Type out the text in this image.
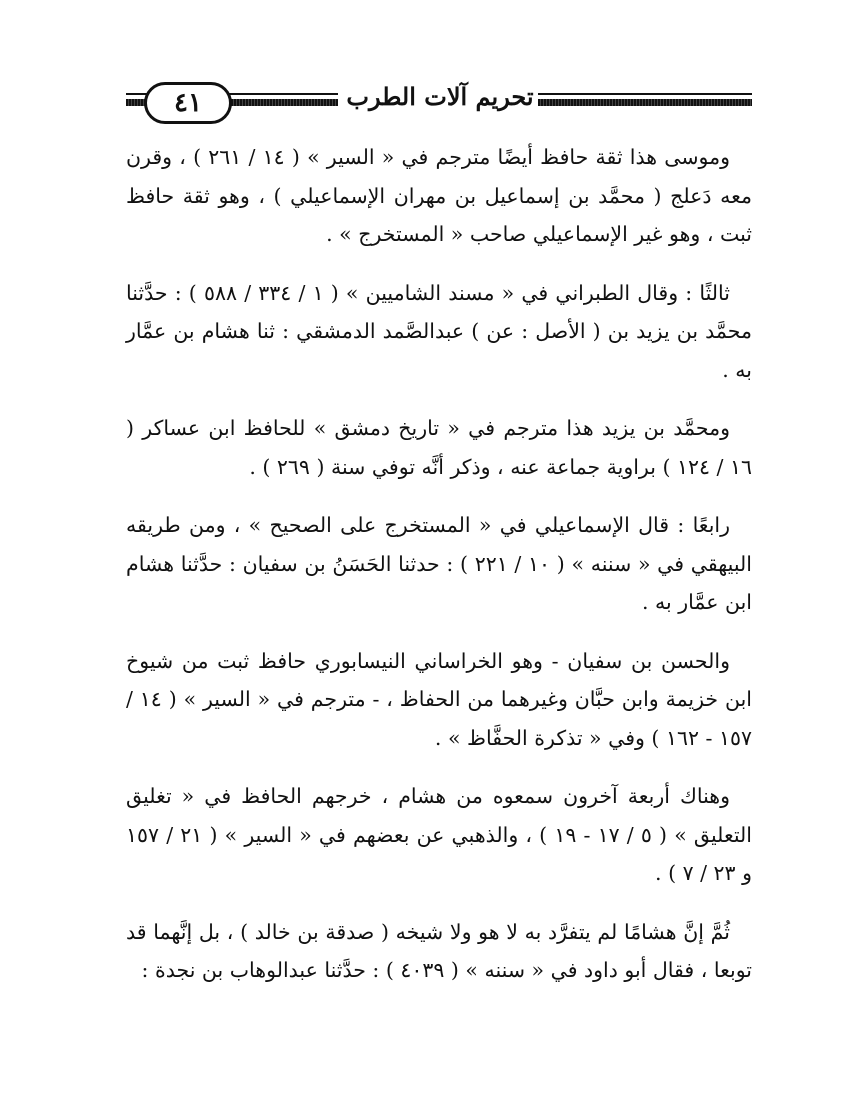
تحريم آلات الطرب
٤١

وموسى هذا ثقة حافظ أيضًا مترجم في « السير » ( ١٤ / ٢٦١ ) ، وقرن معه دَعلج ( محمَّد بن إسماعيل بن مهران الإسماعيلي ) ، وهو ثقة حافظ ثبت ، وهو غير الإسماعيلي صاحب « المستخرج » .

ثالثًا : وقال الطبراني في « مسند الشاميين » ( ١ / ٣٣٤ / ٥٨٨ ) : حدَّثنا محمَّد بن يزيد بن ( الأصل : عن ) عبدالصَّمد الدمشقي : ثنا هشام بن عمَّار به .

ومحمَّد بن يزيد هذا مترجم في « تاريخ دمشق » للحافظ ابن عساكر ( ١٦ / ١٢٤ ) براوية جماعة عنه ، وذكر أنَّه توفي سنة ( ٢٦٩ ) .

رابعًا : قال الإسماعيلي في « المستخرج على الصحيح » ، ومن طريقه البيهقي في « سننه » ( ١٠ / ٢٢١ ) : حدثنا الحَسَنُ بن سفيان : حدَّثنا هشام ابن عمَّار به .

والحسن بن سفيان - وهو الخراساني النيسابوري حافظ ثبت من شيوخ ابن خزيمة وابن حبَّان وغيرهما من الحفاظ ، - مترجم في « السير » ( ١٤ / ١٥٧ - ١٦٢ ) وفي « تذكرة الحفَّاظ » .

وهناك أربعة آخرون سمعوه من هشام ، خرجهم الحافظ في « تغليق التعليق » ( ٥ / ١٧ - ١٩ ) ، والذهبي عن بعضهم في « السير » ( ٢١ / ١٥٧ و ٢٣ / ٧ ) .

ثُمَّ إنَّ هشامًا لم يتفرَّد به لا هو ولا شيخه ( صدقة بن خالد ) ، بل إنَّهما قد توبعا ، فقال أبو داود في « سننه » ( ٤٠٣٩ ) : حدَّثنا عبدالوهاب بن نجدة :
